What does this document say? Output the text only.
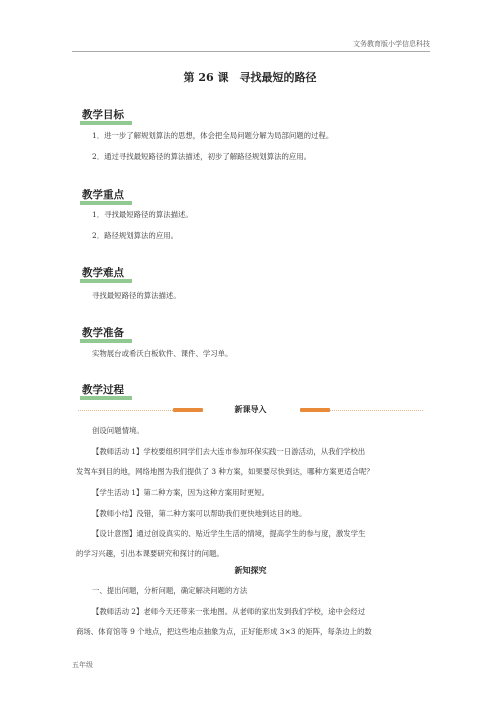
文务教育版小学信息科技
第 26 课　寻找最短的路径
教学目标
1．进一步了解规划算法的思想，体会把全局问题分解为局部问题的过程。
2．通过寻找最短路径的算法描述，初步了解路径规划算法的应用。
教学重点
1．寻找最短路径的算法描述。
2．路径规划算法的应用。
教学难点
寻找最短路径的算法描述。
教学准备
实物展台或希沃白板软件、课件、学习单。
教学过程
新课导入
创设问题情境。
【教师活动 1】学校要组织同学们去大连市参加环保实践一日游活动，从我们学校出
发驾车到目的地，网络地图为我们提供了 3 种方案，如果要尽快到达，哪种方案更适合呢？
【学生活动 1】第二种方案，因为这种方案用时更短。
【教师小结】没错，第二种方案可以帮助我们更快地到达目的地。
【设计意图】通过创设真实的、贴近学生生活的情境，提高学生的参与度，激发学生
的学习兴趣，引出本课要研究和探讨的问题。
新知探究
一、提出问题，分析问题，确定解决问题的方法
【教师活动 2】老师今天还带来一张地图。从老师的家出发到我们学校，途中会经过
商场、体育馆等 9 个地点，把这些地点抽象为点，正好能形成 3×3 的矩阵，每条边上的数
五年级
